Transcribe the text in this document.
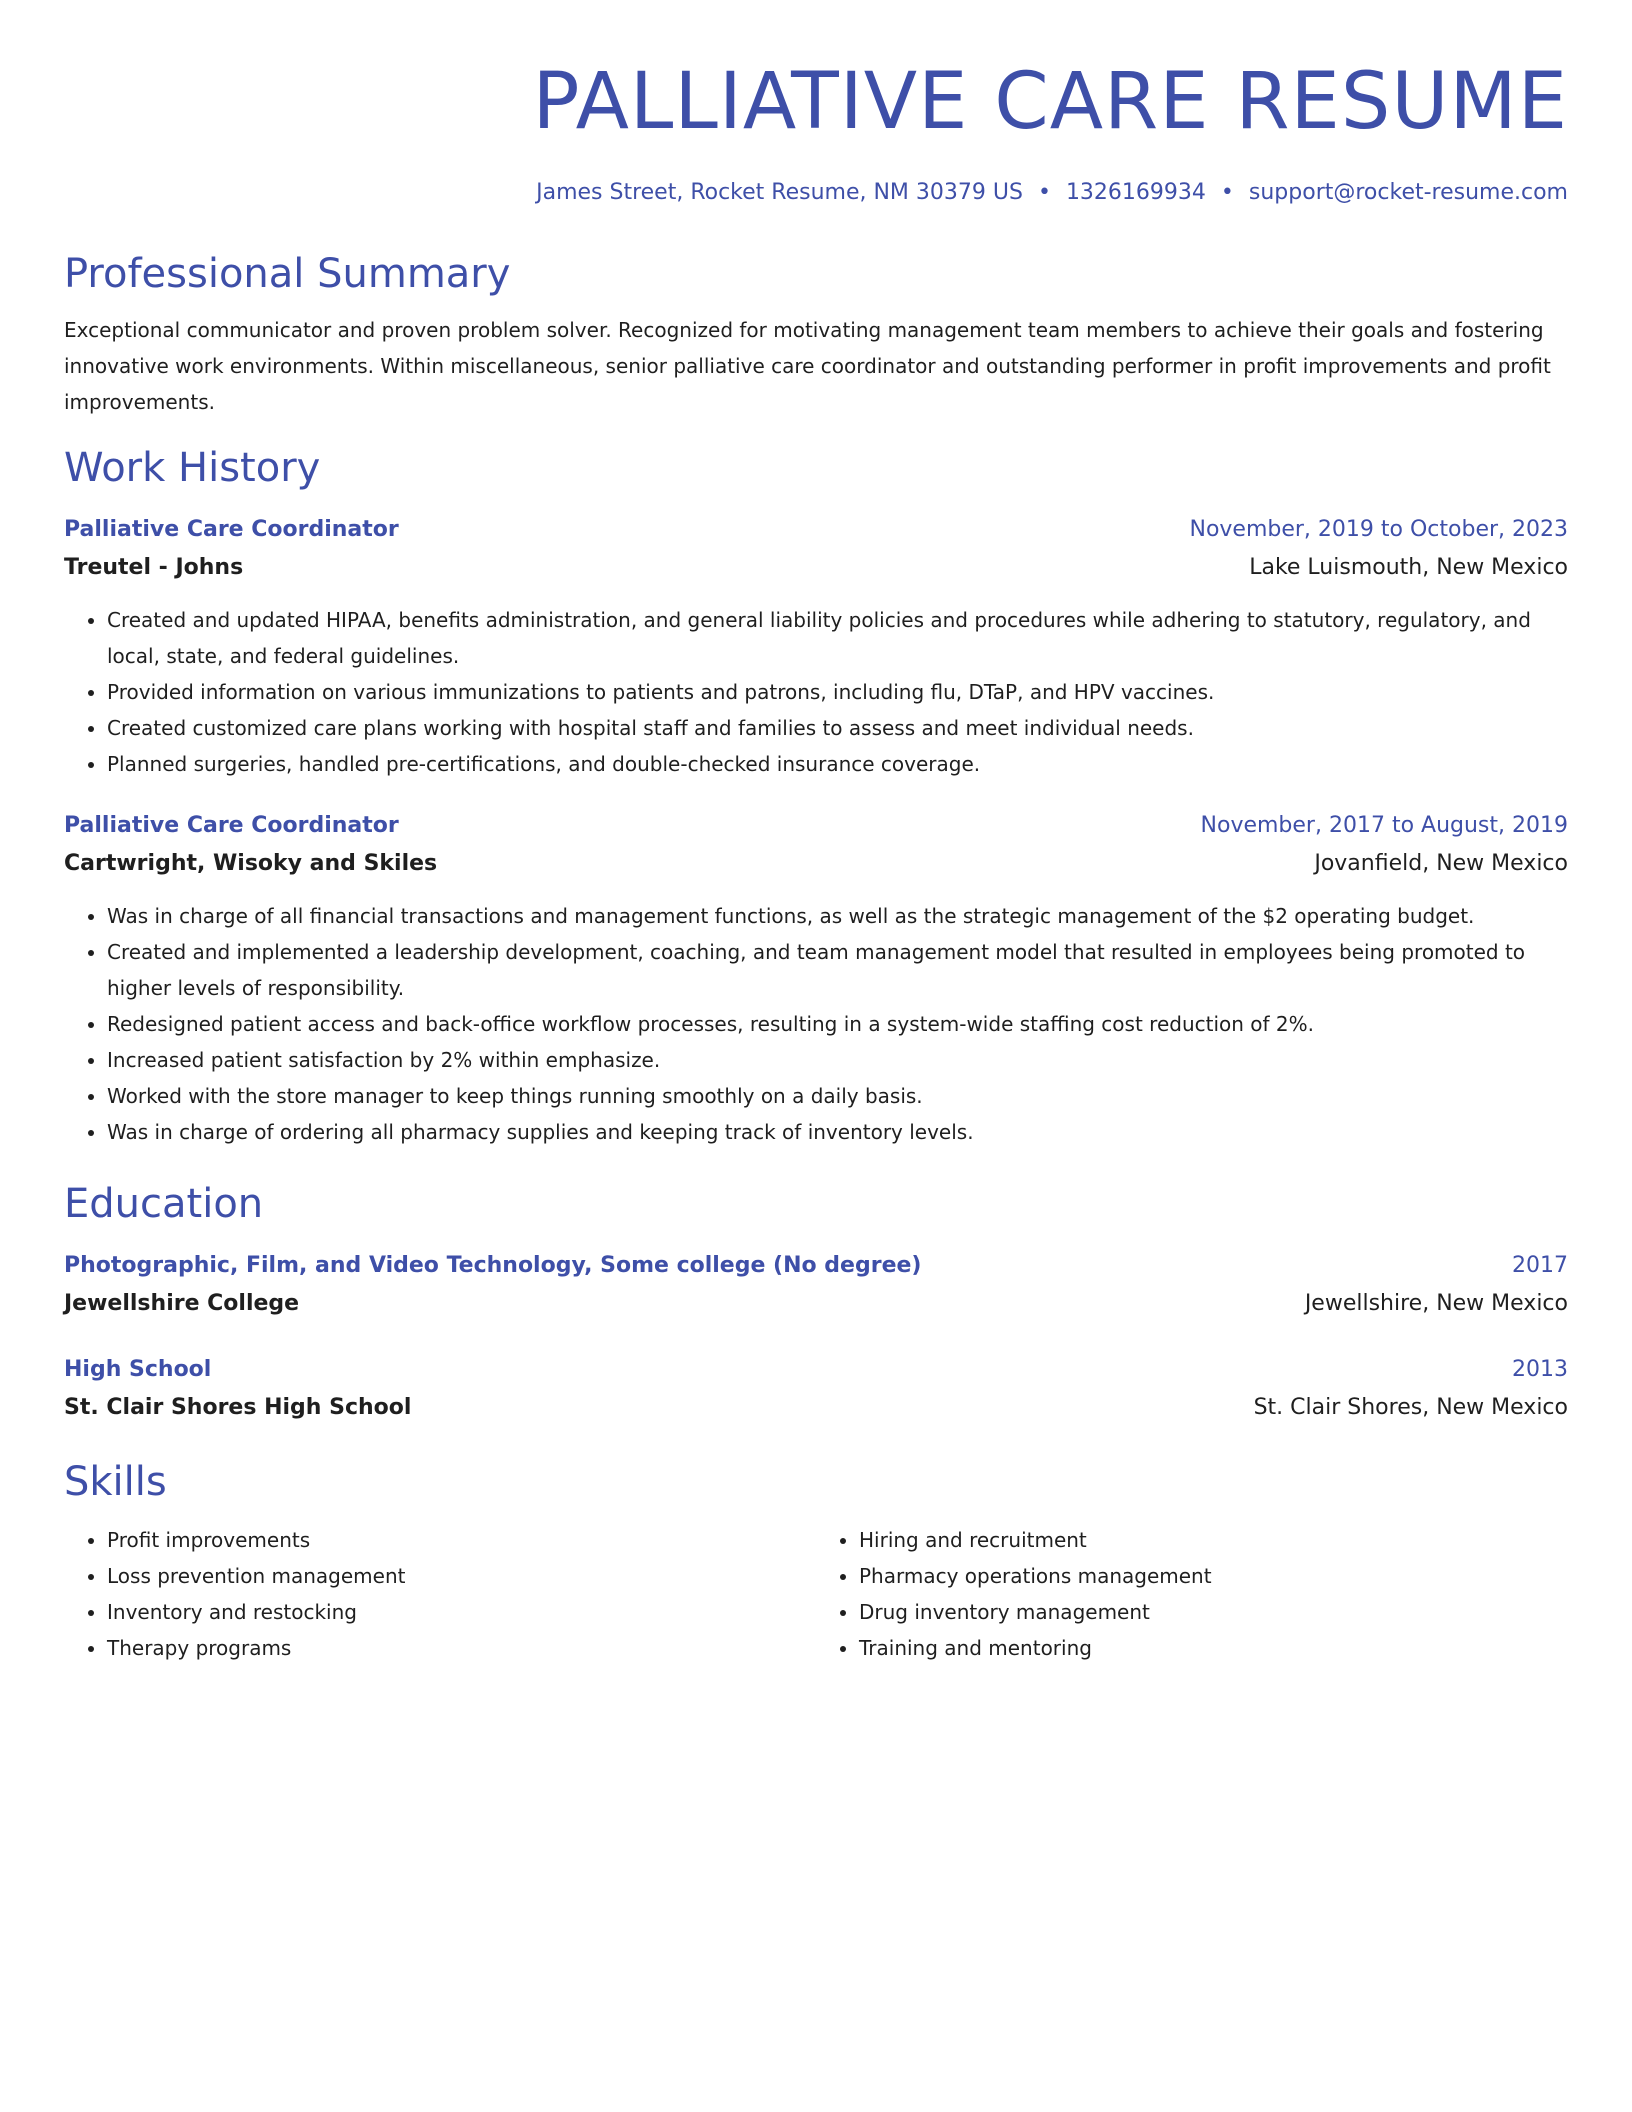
PALLIATIVE CARE RESUME
James Street, Rocket Resume, NM 30379 US • 1326169934 • support@rocket-resume.com
Professional Summary
Exceptional communicator and proven problem solver. Recognized for motivating management team members to achieve their goals and fostering innovative work environments. Within miscellaneous, senior palliative care coordinator and outstanding performer in profit improvements and profit improvements.
Work History
Palliative Care Coordinator	November, 2019 to October, 2023
Treutel - Johns	Lake Luismouth, New Mexico
• Created and updated HIPAA, benefits administration, and general liability policies and procedures while adhering to statutory, regulatory, and local, state, and federal guidelines.
• Provided information on various immunizations to patients and patrons, including flu, DTaP, and HPV vaccines.
• Created customized care plans working with hospital staff and families to assess and meet individual needs.
• Planned surgeries, handled pre-certifications, and double-checked insurance coverage.
Palliative Care Coordinator	November, 2017 to August, 2019
Cartwright, Wisoky and Skiles	Jovanfield, New Mexico
• Was in charge of all financial transactions and management functions, as well as the strategic management of the $2 operating budget.
• Created and implemented a leadership development, coaching, and team management model that resulted in employees being promoted to higher levels of responsibility.
• Redesigned patient access and back-office workflow processes, resulting in a system-wide staffing cost reduction of 2%.
• Increased patient satisfaction by 2% within emphasize.
• Worked with the store manager to keep things running smoothly on a daily basis.
• Was in charge of ordering all pharmacy supplies and keeping track of inventory levels.
Education
Photographic, Film, and Video Technology, Some college (No degree)	2017
Jewellshire College	Jewellshire, New Mexico
High School	2013
St. Clair Shores High School	St. Clair Shores, New Mexico
Skills
• Profit improvements
• Loss prevention management
• Inventory and restocking
• Therapy programs
• Hiring and recruitment
• Pharmacy operations management
• Drug inventory management
• Training and mentoring
